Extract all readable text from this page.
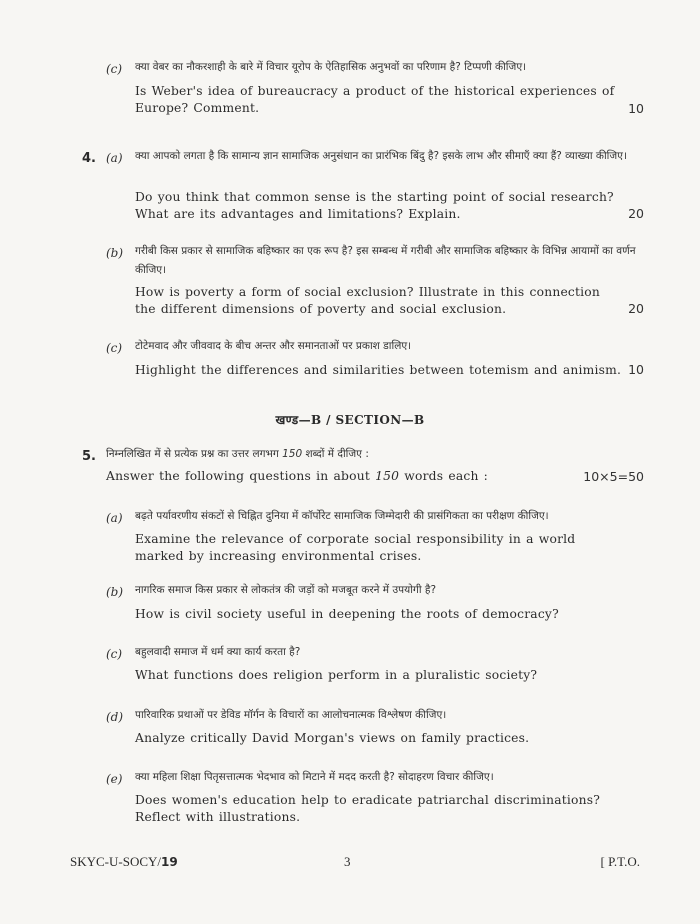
(c) क्या वेबर का नौकरशाही के बारे में विचार यूरोप के ऐतिहासिक अनुभवों का परिणाम है? टिप्पणी कीजिए।
Is Weber's idea of bureaucracy a product of the historical experiences of Europe? Comment.	10
4. (a) क्या आपको लगता है कि सामान्य ज्ञान सामाजिक अनुसंधान का प्रारंभिक बिंदु है? इसके लाभ और सीमाएँ क्या हैं? व्याख्या कीजिए।
Do you think that common sense is the starting point of social research? What are its advantages and limitations? Explain.	20
(b) गरीबी किस प्रकार से सामाजिक बहिष्कार का एक रूप है? इस सम्बन्ध में गरीबी और सामाजिक बहिष्कार के विभिन्न आयामों का वर्णन कीजिए।
How is poverty a form of social exclusion? Illustrate in this connection the different dimensions of poverty and social exclusion.	20
(c) टोटेमवाद और जीववाद के बीच अन्तर और समानताओं पर प्रकाश डालिए।
Highlight the differences and similarities between totemism and animism. 10
खण्ड—B / SECTION—B
5. निम्नलिखित में से प्रत्येक प्रश्न का उत्तर लगभग 150 शब्दों में दीजिए :
Answer the following questions in about 150 words each :	10×5=50
(a) बढ़ते पर्यावरणीय संकटों से चिह्नित दुनिया में कॉर्पोरेट सामाजिक जिम्मेदारी की प्रासंगिकता का परीक्षण कीजिए।
Examine the relevance of corporate social responsibility in a world marked by increasing environmental crises.
(b) नागरिक समाज किस प्रकार से लोकतंत्र की जड़ों को मजबूत करने में उपयोगी है?
How is civil society useful in deepening the roots of democracy?
(c) बहुलवादी समाज में धर्म क्या कार्य करता है?
What functions does religion perform in a pluralistic society?
(d) पारिवारिक प्रथाओं पर डेविड मॉर्गन के विचारों का आलोचनात्मक विश्लेषण कीजिए।
Analyze critically David Morgan's views on family practices.
(e) क्या महिला शिक्षा पितृसत्तात्मक भेदभाव को मिटाने में मदद करती है? सोदाहरण विचार कीजिए।
Does women's education help to eradicate patriarchal discriminations? Reflect with illustrations.
SKYC-U-SOCY/19	3	[ P.T.O.
